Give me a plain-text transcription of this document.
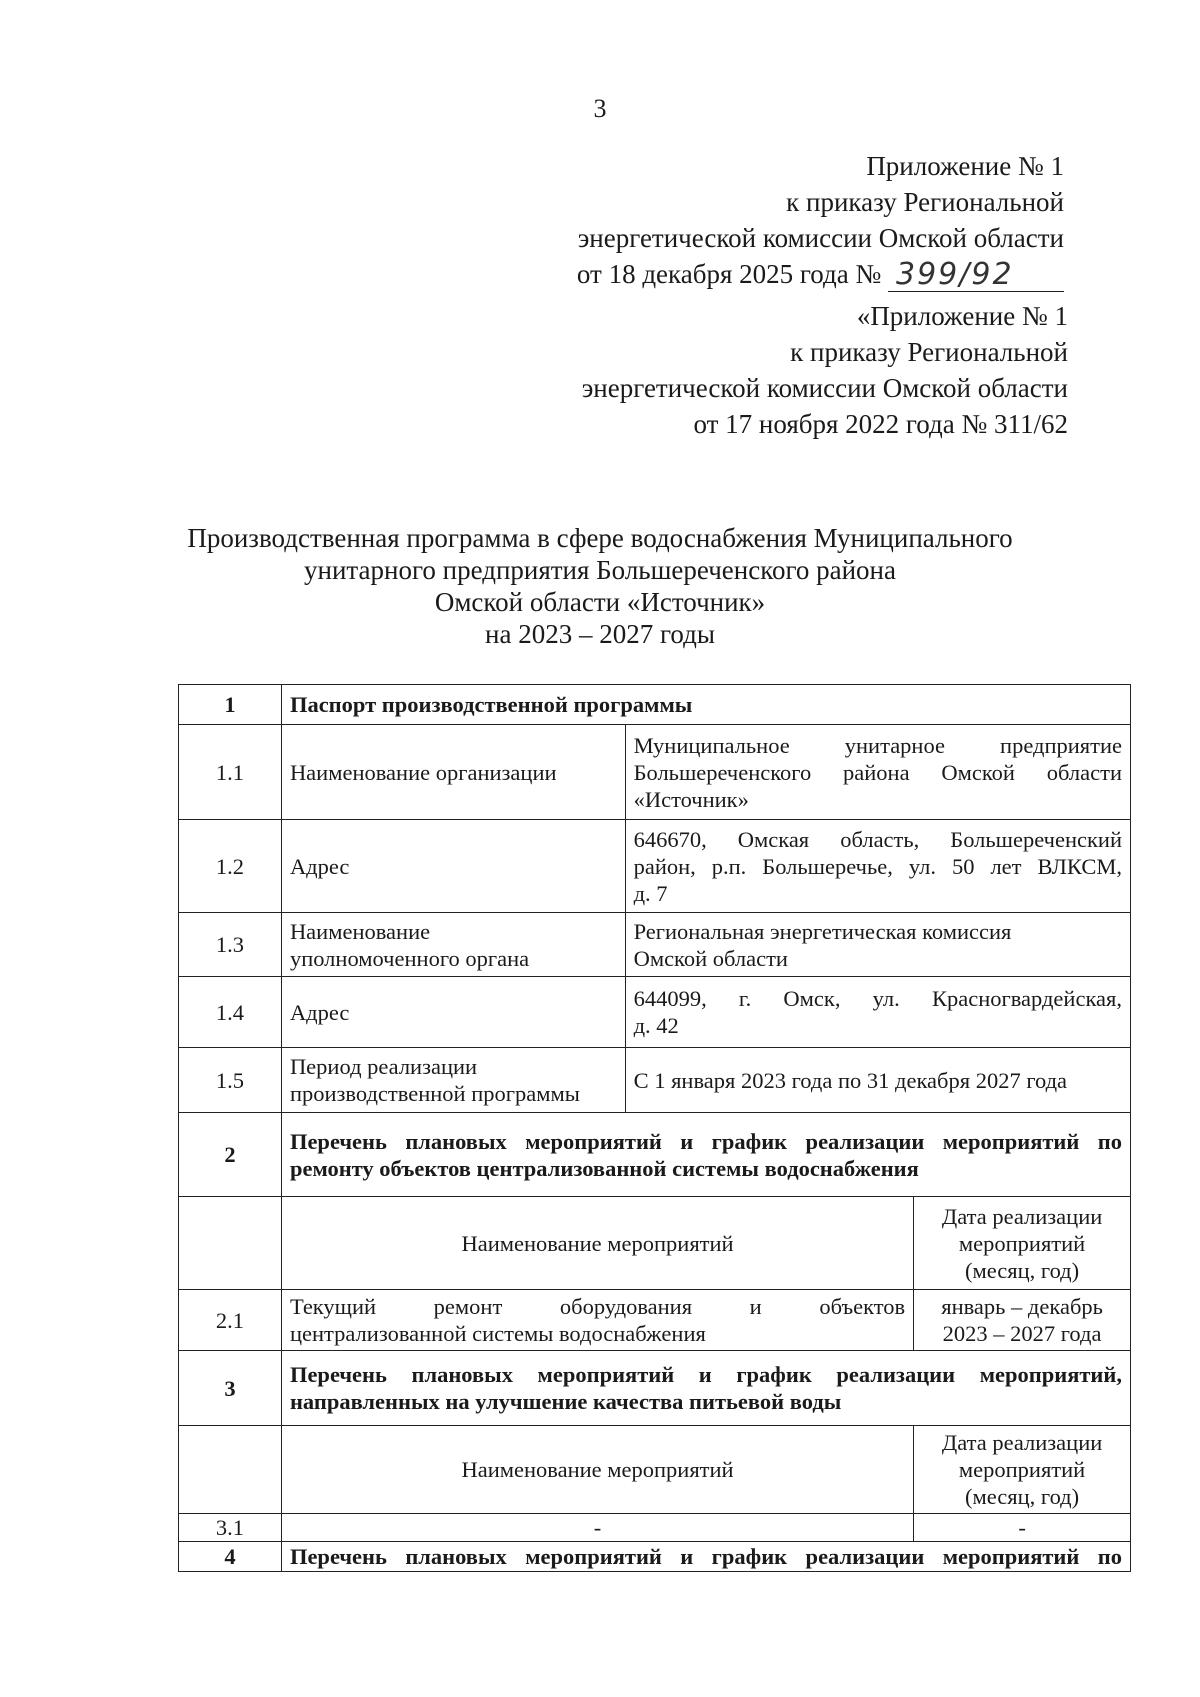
3
Приложение № 1
к приказу Региональной
энергетической комиссии Омской области
от 18 декабря 2025 года № 399/92
«Приложение № 1
к приказу Региональной
энергетической комиссии Омской области
от 17 ноября 2022 года № 311/62
Производственная программа в сфере водоснабжения Муниципального
унитарного предприятия Большереченского района
Омской области «Источник»
на 2023 – 2027 годы
1	Паспорт производственной программы		
1.1	Наименование организации	Муниципальное унитарное предприятие
Большереченского района Омской области
«Источник»	

1.2	Адрес	646670, Омская область, Большереченский
район, р.п. Большеречье, ул. 50 лет ВЛКСМ,
д. 7	

1.3	Наименование
уполномоченного органа	Региональная энергетическая комиссия
Омской области	

1.4	Адрес	644099, г. Омск, ул. Красногвардейская,
д. 42	

1.5	Период реализации
производственной программы	С 1 января 2023 года по 31 декабря 2027 года	
2	Перечень плановых мероприятий и график реализации мероприятий по
ремонту объектов централизованной системы водоснабжения		

	Наименование мероприятий		Дата реализации
мероприятий
(месяц, год)

2.1	Текущий ремонт оборудования и объектов
централизованной системы водоснабжения		январь – декабрь
2023 – 2027 года

3	Перечень плановых мероприятий и график реализации мероприятий,
направленных на улучшение качества питьевой воды		

	Наименование мероприятий		Дата реализации
мероприятий
(месяц, год)

3.1	-		-
4	Перечень плановых мероприятий и график реализации мероприятий по		
